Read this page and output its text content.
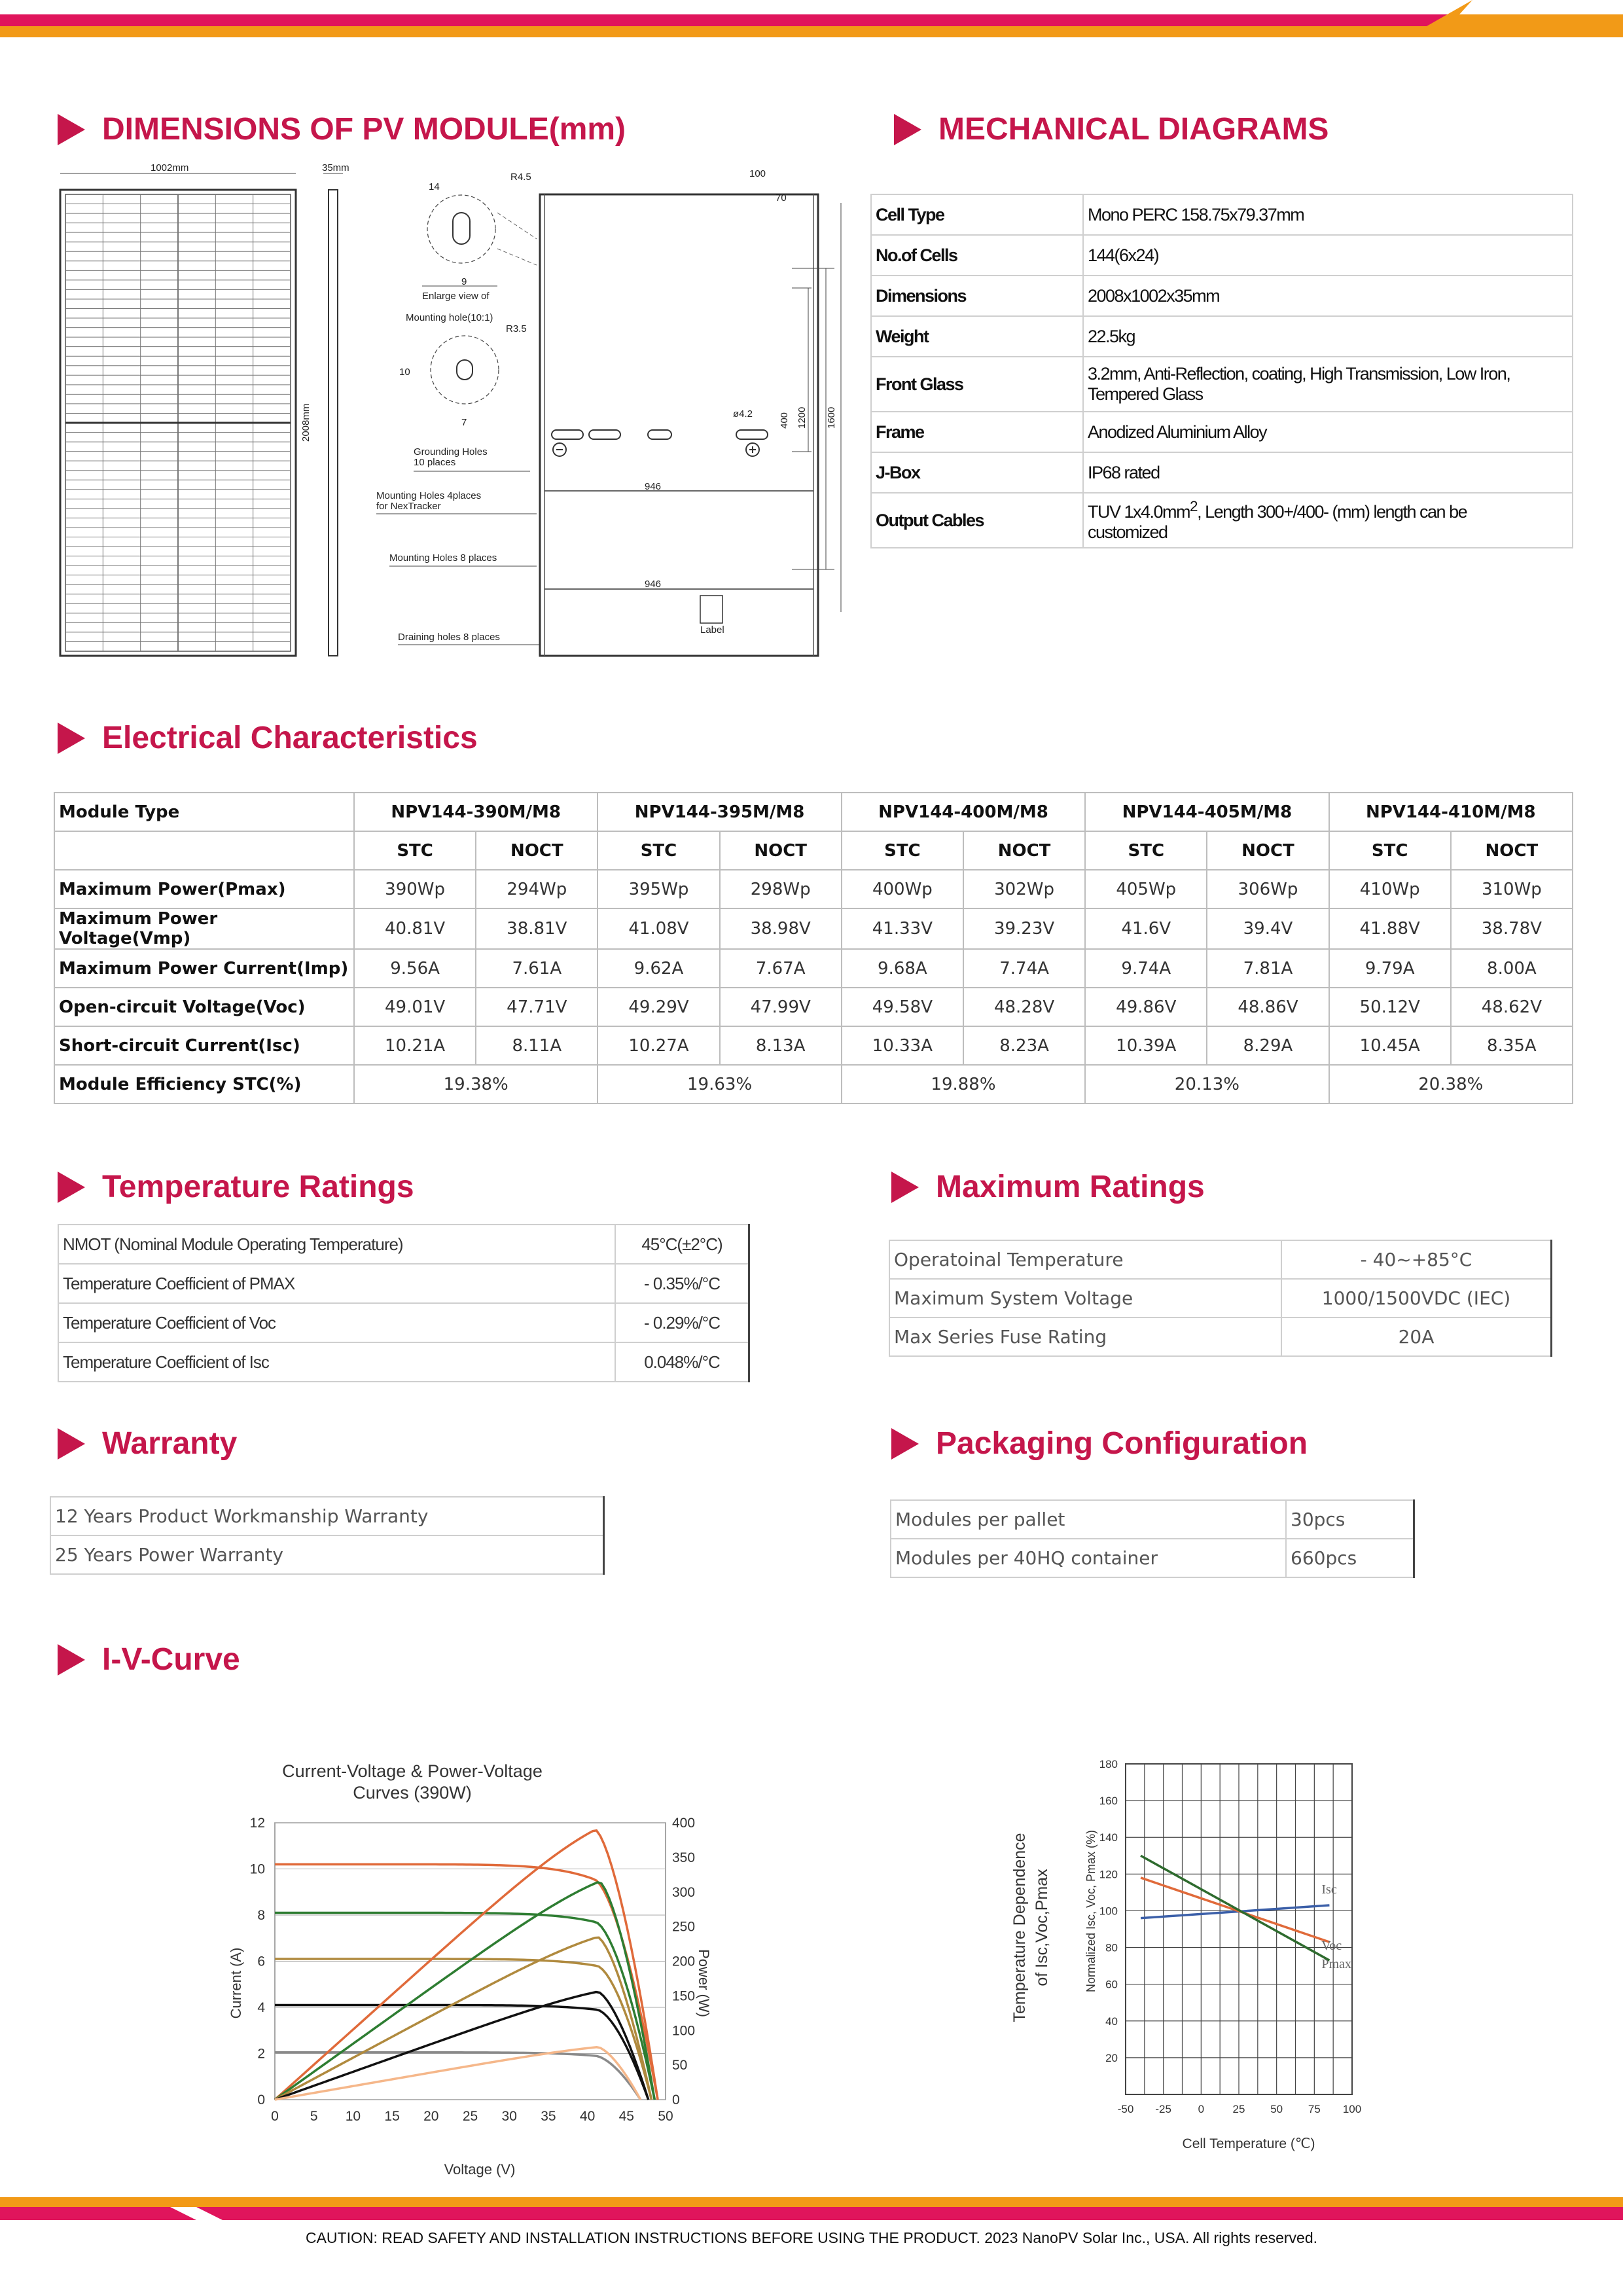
DIMENSIONS OF PV MODULE(mm)	MECHANICAL DIAGRAMS
Electrical Characteristics
Temperature Ratings	Maximum Ratings
Warranty	Packaging Configuration
I-V-Curve
1002mm	35mm
2008mm
R4.5
14
9
Enlarge view of
Mounting hole(10:1)
R3.5
10
7
Grounding Holes
10 places
Mounting Holes 4places
for NexTracker
Mounting Holes 8 places
Draining holes 8 places
946
946
Label
100
70
ø4.2	400 1200 1600
Cell Type	Mono PERC 158.75x79.37mm
No.of Cells	144(6x24)
Dimensions	2008x1002x35mm
Weight	22.5kg
Front Glass	3.2mm, Anti-Reflection, coating, High Transmission, Low Iron,
Tempered Glass

Frame	Anodized Aluminium Alloy
J-Box	IP68 rated
Output Cables	TUV $1x4.0mm^2$, Length 300+/400- (mm) length can be
customized
Module Type	NPV144-390M/M8		NPV144-395M/M8		NPV144-400M/M8		NPV144-405M/M8		NPV144-410M/M8	
	STC	NOCT	STC	NOCT	STC	NOCT	STC	NOCT	STC	NOCT
Maximum Power(Pmax)	390Wp	294Wp	395Wp	298Wp	400Wp	302Wp	405Wp	306Wp	410Wp	310Wp
Maximum Power Voltage(Vmp)	40.81V	38.81V	41.08V	38.98V	41.33V	39.23V	41.6V	39.4V	41.88V	38.78V
Maximum Power Current(Imp)	9.56A	7.61A	9.62A	7.67A	9.68A	7.74A	9.74A	7.81A	9.79A	8.00A
Open-circuit Voltage(Voc)	49.01V	47.71V	49.29V	47.99V	49.58V	48.28V	49.86V	48.86V	50.12V	48.62V
Short-circuit Current(Isc)	10.21A	8.11A	10.27A	8.13A	10.33A	8.23A	10.39A	8.29A	10.45A	8.35A
Module Efficiency STC(%)	19.38%		19.63%		19.88%		20.13%		20.38%	
NMOT (Nominal Module Operating Temperature)	45°C(±2°C)
Temperature Coefficient of PMAX	- 0.35%/°C
Temperature Coefficient of Voc	- 0.29%/°C
Temperature Coefficient of Isc	0.048%/°C
Operatoinal Temperature	- 40~+85°C
Maximum System Voltage	1000/1500VDC (IEC)
Max Series Fuse Rating	20A
12 Years Product Workmanship Warranty
25 Years Power Warranty
Modules per pallet	30pcs
Modules per 40HQ container	660pcs
Current-Voltage & Power-Voltage
Curves (390W)
Current (A)	Power (W)
Voltage (V)
0
2
4
6
8
10
12
0
50
100
150
200
250
300
350
400
0 5 10 15 20 25 30 35 40 45 50
Temperature Dependence of Isc,Voc,Pmax	Normalized Isc, Voc, Pmax (%)
Cell Temperature (℃)
20
40
60
80
100
120
140
160
180
-50 -25 0	25 50 75 100
Isc
Voc
Pmax
CAUTION: READ SAFETY AND INSTALLATION INSTRUCTIONS BEFORE USING THE PRODUCT. 2023 NanoPV Solar Inc., USA. All rights reserved.
